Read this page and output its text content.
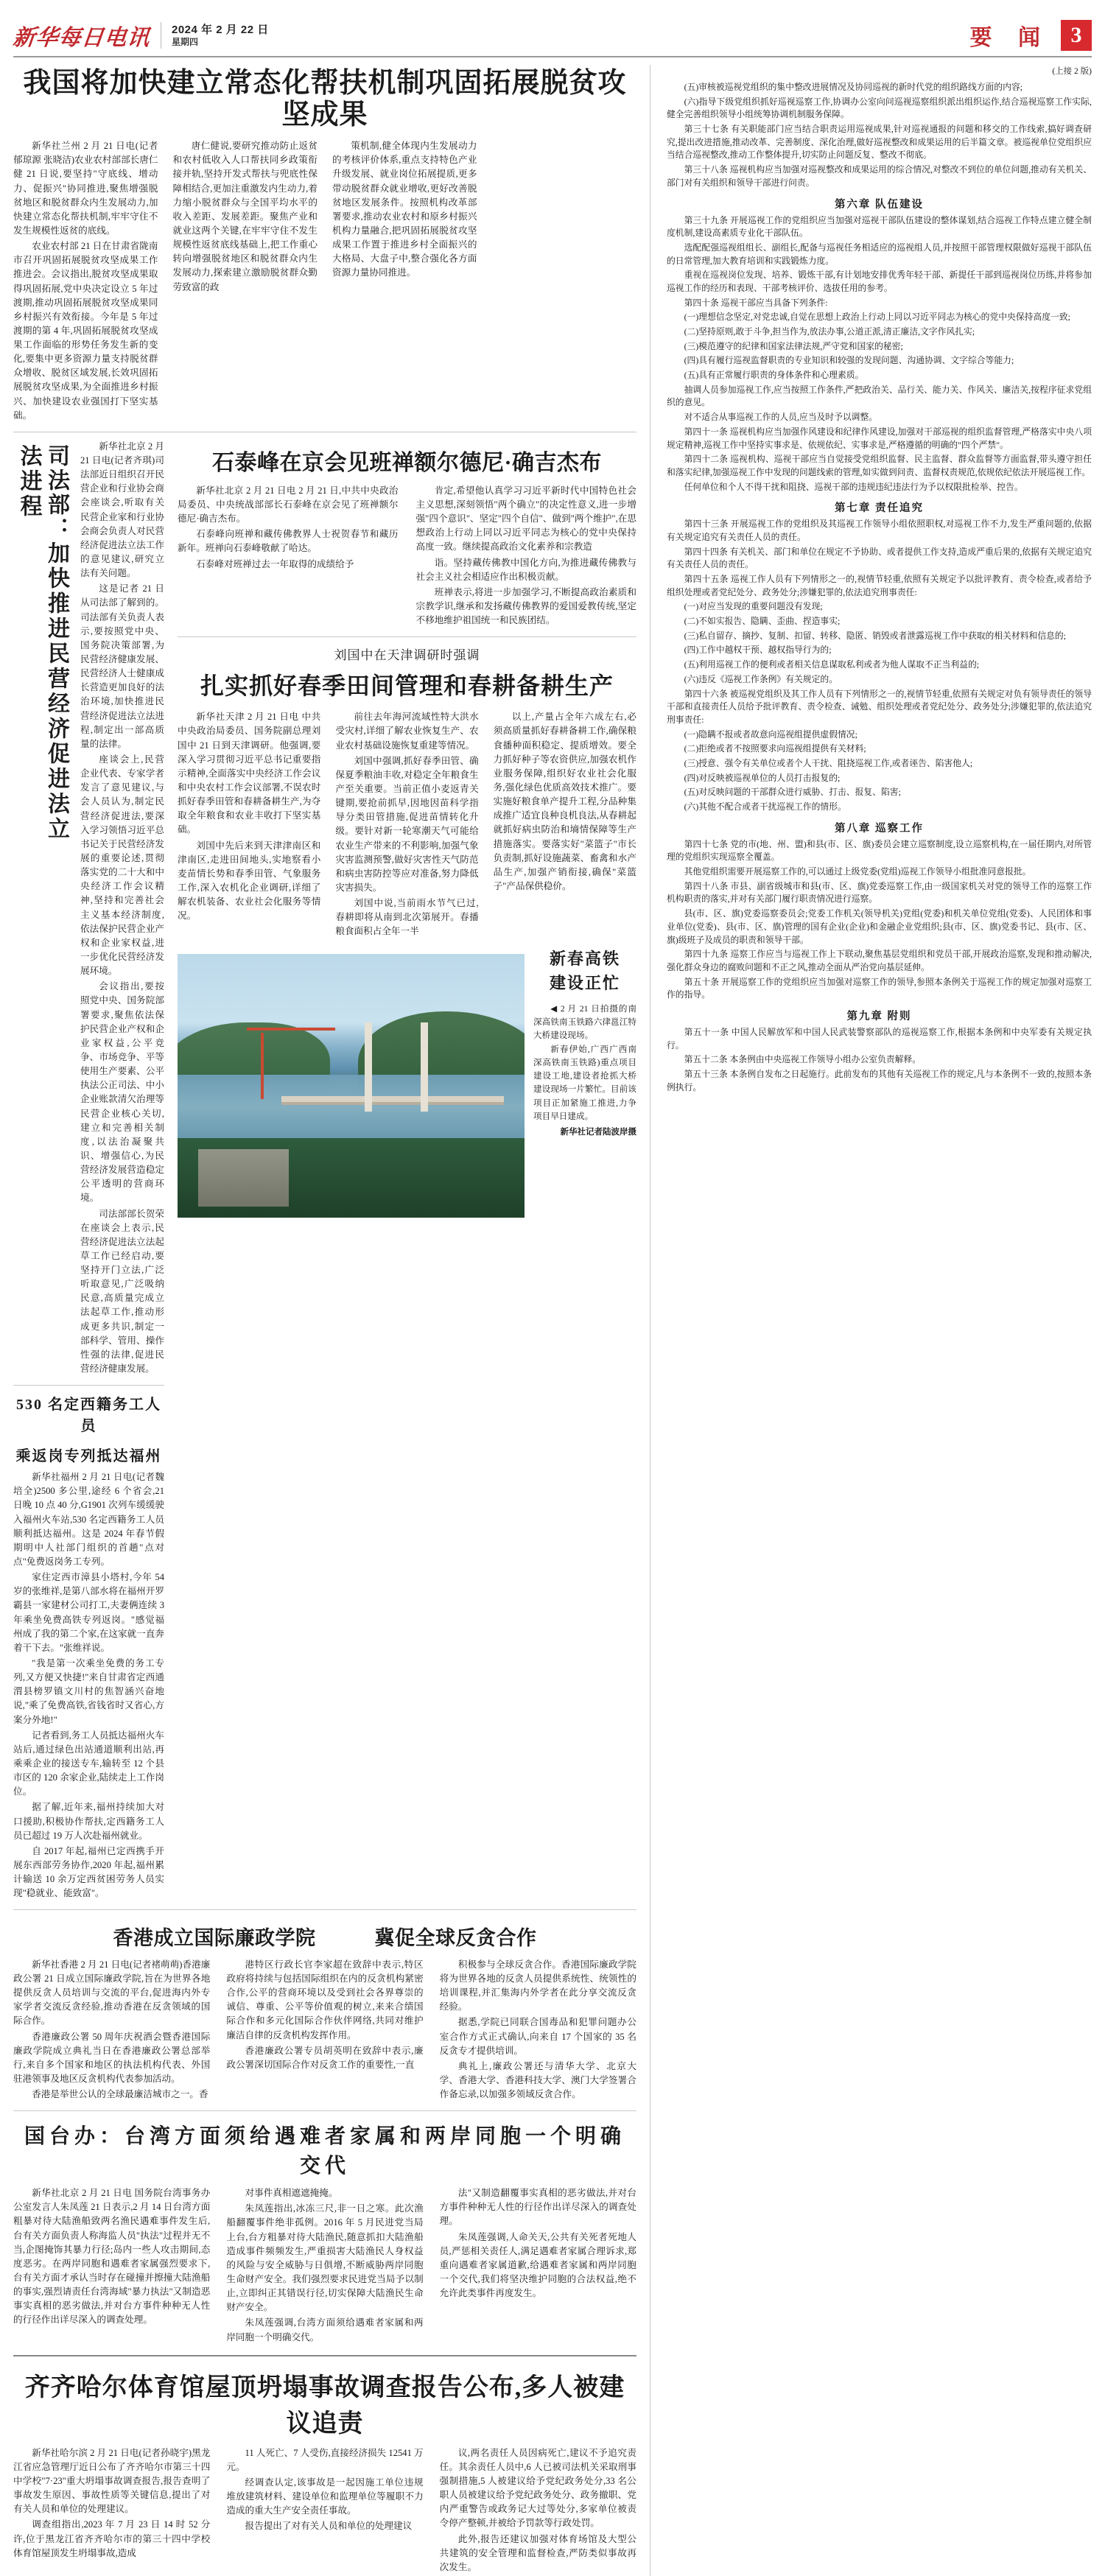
新华每日电讯 2024 年 2 月 22 日
星期四	要 闻 3
我国将加快建立常态化帮扶机制巩固拓展脱贫攻坚成果

新华社兰州 2 月 21 日电(记者郁琼源 张晓洁)农业农村部部长唐仁健 21 日说,要坚持"守底线、增动力、促振兴"协同推进,聚焦增强脱贫地区和脱贫群众内生发展动力,加快建立常态化帮扶机制,牢牢守住不发生规模性返贫的底线。

农业农村部 21 日在甘肃省陇南市召开巩固拓展脱贫攻坚成果工作推进会。会议指出,脱贫攻坚成果取得巩固拓展,党中央决定设立 5 年过渡期,推动巩固拓展脱贫攻坚成果同乡村振兴有效衔接。今年是 5 年过渡期的第 4 年,巩固拓展脱贫攻坚成果工作面临的形势任务发生新的变化,要集中更多资源力量支持脱贫群众增收、脱贫区域发展,长效巩固拓展脱贫攻坚成果,为全面推进乡村振兴、加快建设农业强国打下坚实基础。

唐仁健说,要研究推动防止返贫和农村低收入人口帮扶同乡政策衔接并轨,坚持开发式帮扶与兜底性保障相结合,更加注重激发内生动力,着力缩小脱贫群众与全国平均水平的收入差距、发展差距。聚焦产业和就业这两个关键,在牢牢守住不发生规模性返贫底线基础上,把工作重心转向增强脱贫地区和脱贫群众内生发展动力,探索建立激励脱贫群众勤劳致富的政

策机制,健全体现内生发展动力的考核评价体系,重点支持特色产业升级发展、就业岗位拓展提质,更多带动脱贫群众就业增收,更好改善脱贫地区发展条件。按照机构改革部署要求,推动农业农村和原乡村振兴机构力量融合,把巩固拓展脱贫攻坚成果工作置于推进乡村全面振兴的大格局、大盘子中,整合强化各方面资源力量协同推进。

司法部：加快推进民营经济促进法立法进程	新华社北京 2 月 21 日电(记者齐琪)司法部近日组织召开民营企业和行业协会商会座谈会,听取有关民营企业家和行业协会商会负责人对民营经济促进法立法工作的意见建议,研究立法有关问题。

这是记者 21 日从司法部了解到的。司法部有关负责人表示,要按照党中央、国务院决策部署,为民营经济健康发展、民营经济人士健康成长营造更加良好的法治环境,加快推进民营经济促进法立法进程,制定出一部高质量的法律。

座谈会上,民营企业代表、专家学者发言了意见建议,与会人员认为,制定民营经济促进法,要深入学习领悟习近平总书记关于民营经济发展的重要论述,贯彻落实党的二十大和中央经济工作会议精神,坚持和完善社会主义基本经济制度,依法保护民营企业产权和企业家权益,进一步优化民营经济发展环境。

会议指出,要按照党中央、国务院部署要求,聚焦依法保护民营企业产权和企业家权益,公平竞争、市场竞争、平等使用生产要素、公平执法公正司法、中小企业账款清欠治理等民营企业核心关切,建立和完善相关制度,以法治凝聚共识、增强信心,为民营经济发展营造稳定公平透明的营商环境。

司法部部长贺荣在座谈会上表示,民营经济促进法立法起草工作已经启动,要坚持开门立法,广泛听取意见,广泛吸纳民意,高质量完成立法起草工作,推动形成更多共识,制定一部科学、管用、操作性强的法律,促进民营经济健康发展。

530 名定西籍务工人员
乘返岗专列抵达福州

新华社福州 2 月 21 日电(记者魏培全)2500 多公里,途经 6 个省会,21 日晚 10 点 40 分,G1901 次列车缓缓驶入福州火车站,530 名定西籍务工人员顺利抵达福州。这是 2024 年春节假期明中人社部门组织的首趟"点对点"免费返岗务工专列。

家住定西市漳县小塔村,今年 54 岁的张维祥,是第八部水将在福州开罗霸县一家建材公司打工,夫妻俩连续 3 年乘坐免费高铁专列返岗。"感觉福州成了我的第二个家,在这家就一直奔着干下去。"张维祥说。

"我是第一次乘坐免费的务工专列,又方便又快捷!"来自甘肃省定西通渭县榜罗镇文川村的焦智涵兴奋地说,"乘了免费高铁,省钱省时又省心,方案分外地!"

记者看到,务工人员抵达福州火车站后,通过绿色出站通道顺利出站,再乘乘企业的接送专车,输转至 12 个县市区的 120 余家企业,陆续走上工作岗位。

据了解,近年来,福州持续加大对口援助,积极协作帮扶,定西籍务工人员已超过 19 万人次赴福州就业。

自 2017 年起,福州已定西携手开展东西部劳务协作,2020 年起,福州累计输送 10 余万定西贫困劳务人员实现"稳就业、能致富"。

石泰峰在京会见班禅额尔德尼·确吉杰布

新华社北京 2 月 21 日电 2 月 21 日,中共中央政治局委员、中央统战部部长石泰峰在京会见了班禅额尔德尼·确吉杰布。

石泰峰向班禅和藏传佛教界人士祝贺春节和藏历新年。班禅向石泰峰敬献了哈达。

石泰峰对班禅过去一年取得的成绩给予

肯定,希望他认真学习习近平新时代中国特色社会主义思想,深刻领悟"两个确立"的决定性意义,进一步增强"四个意识"、坚定"四个自信"、做到"两个维护",在思想政治上行动上同以习近平同志为核心的党中央保持高度一致。继续提高政治文化素养和宗教造

诣。坚持藏传佛教中国化方向,为推进藏传佛教与社会主义社会相适应作出积极贡献。

班禅表示,将进一步加强学习,不断提高政治素质和宗教学识,继承和发扬藏传佛教界的爱国爱教传统,坚定不移地维护祖国统一和民族团结。

刘国中在天津调研时强调
扎实抓好春季田间管理和春耕备耕生产

新华社天津 2 月 21 日电 中共中央政治局委员、国务院副总理刘国中 21 日到天津调研。他强调,要深入学习贯彻习近平总书记重要指示精神,全面落实中央经济工作会议和中央农村工作会议部署,不误农时抓好春季田管和春耕备耕生产,为夺取全年粮食和农业丰收打下坚实基础。

刘国中先后来到天津津南区和津南区,走进田间地头,实地察看小麦苗情长势和春季田管、气象服务工作,深入农机化企业调研,详细了解农机装备、农业社会化服务等情况。

前往去年海河流域性特大洪水受灾村,详细了解农业恢复生产、农业农村基础设施恢复重建等情况。

刘国中强调,抓好春季田管、确保夏季粮油丰收,对稳定全年粮食生产至关重要。当前正值小麦返青关键期,要抢前抓早,因地因苗科学指导分类田管措施,促进苗情转化升级。要针对新一轮寒潮天气可能给农业生产带来的不利影响,加强气象灾害监测预警,做好灾害性天气防范和病虫害防控等应对准备,努力降低灾害损失。

刘国中说,当前雨水节气已过,春耕即将从南到北次第展开。春播粮食面积占全年一半

以上,产量占全年六成左右,必须高质量抓好春耕备耕工作,确保粮食播种面积稳定、提质增效。要全力抓好种子等农资供应,加强农机作业服务保障,组织好农业社会化服务,强化绿色优质高效技术推广。要实施好粮食单产提升工程,分品种集成推广适宜良种良机良法,从春耕起就抓好病虫防治和墒情保障等生产措施落实。要落实好"菜篮子"市长负责制,抓好设施蔬菜、畜禽和水产品生产,加强产销衔接,确保"菜篮子"产品保供稳价。

新春高铁
建设正忙

◀ 2 月 21 日拍摄的南深高铁南玉铁路六律邕江特大桥建设现场。

新春伊始,广西广西南深高铁南玉铁路)重点项目建设工地,建设者抢抓大桥建设现场一片繁忙。目前该项目正加紧施工推进,力争项目早日建成。

新华社记者陆波岸摄
香港成立国际廉政学院	冀促全球反贪合作

新华社香港 2 月 21 日电(记者褚萌萌)香港廉政公署 21 日成立国际廉政学院,旨在为世界各地提供反贪人员培训与交流的平台,促进海内外专家学者交流反贪经验,推动香港在反贪领域的国际合作。

香港廉政公署 50 周年庆祝酒会暨香港国际廉政学院成立典礼当日在香港廉政公署总部举行,来自多个国家和地区的执法机构代表、外国驻港领事及地区反贪机构代表参加活动。

香港是举世公认的全球最廉洁城市之一。香

港特区行政长官李家超在致辞中表示,特区政府将持续与包括国际组织在内的反贪机构紧密合作,公平的营商环境以及受到社会各界尊崇的诚信、尊重、公平等价值观的树立,来来合绩国际合作和多元化国际合作伙伴网络,共同对维护廉洁自律的反贪机构发挥作用。

香港廉政公署专员胡英明在致辞中表示,廉政公署深切国际合作对反贪工作的重要性,一直

积极参与全球反贪合作。香港国际廉政学院将为世界各地的反贪人员提供系统性、统领性的培训课程,并汇集海内外学者在此分享交流反贪经验。

据悉,学院已同联合国毒品和犯罪问题办公室合作方式正式确认,向来自 17 个国家的 35 名反贪专才提供培训。

典礼上,廉政公署还与清华大学、北京大学、香港大学、香港科技大学、澳门大学签署合作备忘录,以加强多领域反贪合作。

国台办：台湾方面须给遇难者家属和两岸同胞一个明确交代

新华社北京 2 月 21 日电 国务院台湾事务办公室发言人朱凤莲 21 日表示,2 月 14 日台湾方面粗暴对待大陆渔船致两名渔民遇难事件发生后,台有关方面负责人称海监人员"执法"过程并无不当,企图掩饰其暴力行径;岛内一些人攻击期间,态度恶劣。在两岸同胞和遇难者家属强烈要求下,台有关方面才承认当时存在碰撞并擦撞大陆渔船的事实,强烈请责任台湾海域"暴力执法"又制造恶事实真相的恶劣做法,并对台方事件种种无人性的行径作出详尽深入的调查处理。

对事件真相遮遮掩掩。

朱凤莲指出,冰冻三尺,非一日之寒。此次渔船翻覆事件绝非孤例。2016 年 5 月民进党当局上台,台方粗暴对待大陆渔民,随意抓扣大陆渔船造成事件频频发生,严重损害大陆渔民人身权益的风险与安全威胁与日俱增,不断威胁两岸同胞生命财产安全。我们强烈要求民进党当局予以制止,立即纠正其错误行径,切实保障大陆渔民生命财产安全。

朱凤莲强调,台湾方面须给遇难者家属和两岸同胞一个明确交代。

法"又制造翻覆事实真相的恶劣做法,并对台方事件种种无人性的行径作出详尽深入的调查处理。

朱凤莲强调,人命关天,公共有关死者死地人员,严惩相关责任人,满足遇难者家属合理诉求,郑重向遇难者家属道歉,给遇难者家属和两岸同胞一个交代,我们将坚决维护同胞的合法权益,绝不允许此类事件再度发生。

齐齐哈尔体育馆屋顶坍塌事故调查报告公布,多人被建议追责

新华社哈尔滨 2 月 21 日电(记者孙晓宇)黑龙江省应急管理厅近日公布了齐齐哈尔市第三十四中学校"7·23"重大坍塌事故调查报告,报告查明了事故发生原因、事故性质等关键信息,提出了对有关人员和单位的处理建议。

调查组指出,2023 年 7 月 23 日 14 时 52 分许,位于黑龙江省齐齐哈尔市的第三十四中学校体育馆屋顶发生坍塌事故,造成

11 人死亡、7 人受伤,直接经济损失 12541 万元。

经调查认定,该事故是一起因施工单位违规堆放建筑材料、建设单位和监理单位等履职不力造成的重大生产安全责任事故。

报告提出了对有关人员和单位的处理建议

议,两名责任人员因病死亡,建议不予追究责任。其余责任人员中,6 人已被司法机关采取刑事强制措施,5 人被建议给予党纪政务处分,33 名公职人员被建议给予党纪政务处分、政务撤职、党内严重警告或政务记大过等处分,多家单位被责令停产整顿,并被给予罚款等行政处罚。

此外,报告还建议加强对体育场馆及大型公共建筑的安全管理和监督检查,严防类似事故再次发生。

(上接 2 版)

(五)审核被巡视党组织的集中整改进展情况及协同巡视的新时代党的组织路线方面的内容;

(六)指导下级党组织抓好巡视巡察工作,协调办公室向问巡视巡察组织派出组织运作,结合巡视巡察工作实际,健全完善组织领导小组统筹协调机制服务保障。

第三十七条 有关职能部门应当结合职责运用巡视成果,针对巡视通报的问题和移交的工作线索,搞好调查研究,提出改进措施,推动改革、完善制度、深化治理,做好巡视整改和成果运用的后半篇文章。被巡视单位党组织应当结合巡视整改,推动工作整体提升,切实防止问题反复、整改不彻底。

第三十八条 巡视机构应当加强对巡视整改和成果运用的综合情况,对整改不到位的单位问题,推动有关机关、部门对有关组织和领导干部进行问责。

第六章 队伍建设

第三十九条 开展巡视工作的党组织应当加强对巡视干部队伍建设的整体谋划,结合巡视工作特点建立健全制度机制,建设高素质专业化干部队伍。

选配配强巡视组组长、副组长,配备与巡视任务相适应的巡视组人员,并按照干部管理权限做好巡视干部队伍的日常管理,加大教育培训和实践锻炼力度。

重视在巡视岗位发现、培养、锻炼干部,有计划地安排优秀年轻干部、新提任干部到巡视岗位历练,并将参加巡视工作的经历和表现、干部考核评价、选拔任用的参考。

第四十条 巡视干部应当具备下列条件:

(一)理想信念坚定,对党忠诚,自觉在思想上政治上行动上同以习近平同志为核心的党中央保持高度一致;

(二)坚持原则,敢于斗争,担当作为,放法办事,公道正派,清正廉洁,文字作风扎实;

(三)模范遵守的纪律和国家法律法规,严守党和国家的秘密;

(四)具有履行巡视监督职责的专业知识和较强的发现问题、沟通协调、文字综合等能力;

(五)具有正常履行职责的身体条件和心理素质。

抽调人员参加巡视工作,应当按照工作条件,严把政治关、品行关、能力关、作风关、廉洁关,按程序征求党组织的意见。

对不适合从事巡视工作的人员,应当及时予以调整。

第四十一条 巡视机构应当加强作风建设和纪律作风建设,加强对干部巡视的组织监督管理,严格落实中央八项规定精神,巡视工作中坚持实事求是、依规依纪、实事求是,严格遵循的明确的"四个严禁"。

第四十二条 巡视机构、巡视干部应当自觉接受党组织监督、民主监督、群众监督等方面监督,带头遵守担任和落实纪律,加强巡视工作中发现的问题线索的管理,如实做到问责、监督权责规范,依规依纪依法开展巡视工作。

任何单位和个人不得干扰和阻挠、巡视干部的违规违纪违法行为予以权限批检举、控告。

第七章 责任追究

第四十三条 开展巡视工作的党组织及其巡视工作领导小组依照职权,对巡视工作不力,发生严重问题的,依据有关规定追究有关责任人员的责任。

第四十四条 有关机关、部门和单位在规定不予协助、或者提供工作支持,造成严重后果的,依据有关规定追究有关责任人员的责任。

第四十五条 巡视工作人员有下列情形之一的,视情节轻重,依照有关规定予以批评教育、责令检查,或者给予组织处理或者党纪处分、政务处分;涉嫌犯罪的,依法追究刑事责任:

(一)对应当发现的重要问题没有发现;

(二)不如实报告、隐瞒、歪曲、捏造事实;

(三)私自留存、摘抄、复制、扣留、转移、隐匿、销毁或者泄露巡视工作中获取的相关材料和信息的;

(四)工作中越权干预、越权指导行为的;

(五)利用巡视工作的便利或者相关信息谋取私利或者为他人谋取不正当利益的;

(六)违反《巡视工作条例》有关规定的。

第四十六条 被巡视党组织及其工作人员有下列情形之一的,视情节轻重,依照有关规定对负有领导责任的领导干部和直接责任人员给予批评教育、责令检查、诫勉、组织处理或者党纪处分、政务处分;涉嫌犯罪的,依法追究刑事责任:

(一)隐瞒不报或者故意向巡视组提供虚假情况;

(二)拒绝或者不按照要求向巡视组提供有关材料;

(三)授意、强令有关单位或者个人干扰、阻挠巡视工作,或者诬告、陷害他人;

(四)对反映被巡视单位的人员打击报复的;

(五)对反映问题的干部群众进行威胁、打击、报复、陷害;

(六)其他不配合或者干扰巡视工作的情形。

第八章 巡察工作

第四十七条 党的市(地、州、盟)和县(市、区、旗)委员会建立巡察制度,设立巡察机构,在一届任期内,对所管理的党组织实现巡察全覆盖。

其他党组织需要开展巡察工作的,可以通过上级党委(党组)巡视工作领导小组批准同意报批。

第四十八条 市县、副省级城市和县(市、区、旗)党委巡察工作,由一级国家机关对党的领导工作的巡察工作机构职责的落实,并对有关部门履行职责情况进行巡察。

县(市、区、旗)党委巡察委员会;党委工作机关(领导机关)党组(党委)和机关单位党组(党委)、人民团体和事业单位(党委)、县(市、区、旗)管理的国有企业(企业)和金融企业党组织;县(市、区、旗)党委书记、县(市、区、旗)级班子及成员的职责和领导干部。

第四十九条 巡察工作应当与巡视工作上下联动,聚焦基层党组织和党员干部,开展政治巡察,发现和推动解决,强化群众身边的腐败问题和不正之风,推动全面从严治党向基层延伸。

第五十条 开展巡察工作的党组织应当加强对巡察工作的领导,参照本条例关于巡视工作的规定加强对巡察工作的指导。

第九章 附则

第五十一条 中国人民解放军和中国人民武装警察部队的巡视巡察工作,根据本条例和中央军委有关规定执行。

第五十二条 本条例由中央巡视工作领导小组办公室负责解释。

第五十三条 本条例自发布之日起施行。此前发布的其他有关巡视工作的规定,凡与本条例不一致的,按照本条例执行。
